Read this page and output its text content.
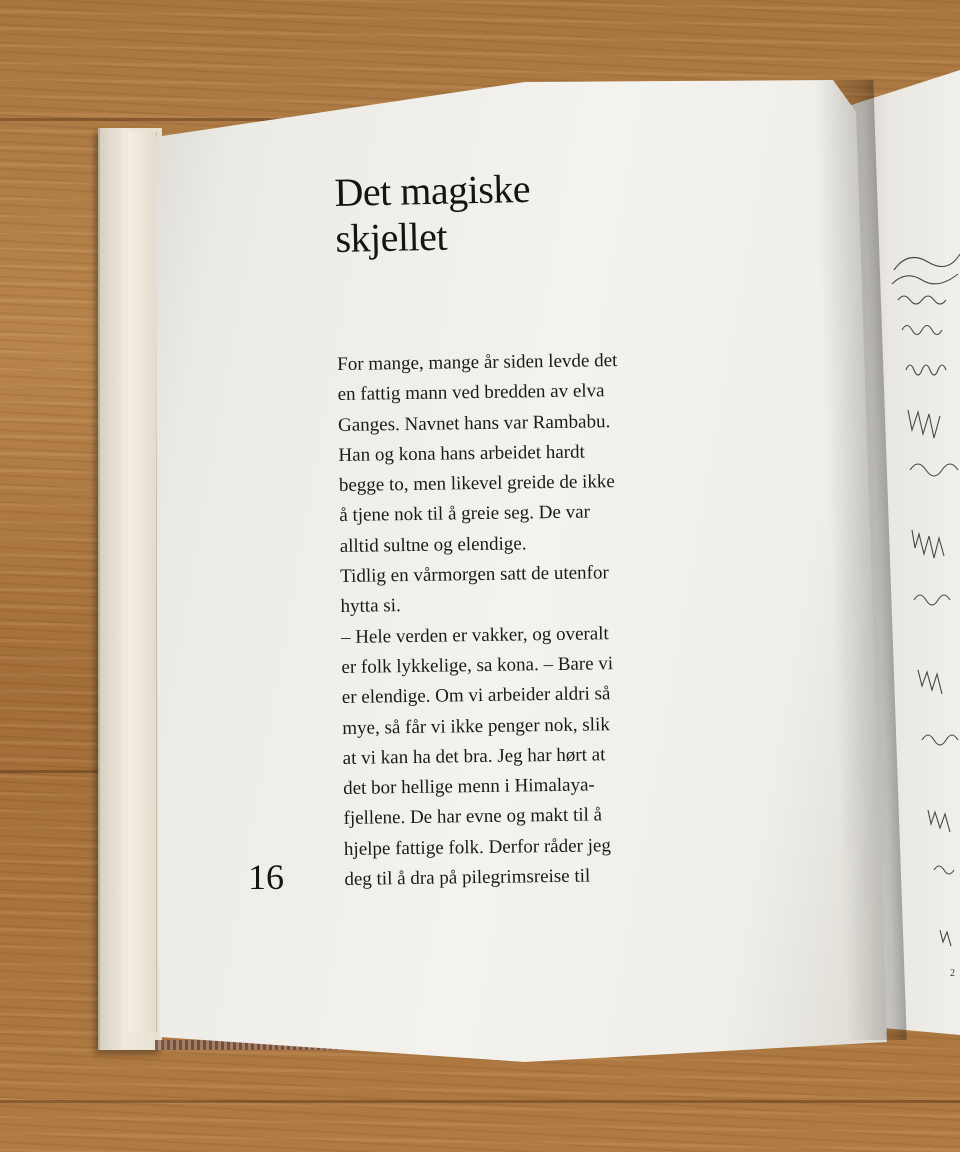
2
Det magiske
skjellet
For mange, mange år siden levde det
en fattig mann ved bredden av elva
Ganges. Navnet hans var Rambabu.
Han og kona hans arbeidet hardt
begge to, men likevel greide de ikke
å tjene nok til å greie seg. De var
alltid sultne og elendige.
Tidlig en vårmorgen satt de utenfor
hytta si.
– Hele verden er vakker, og overalt
er folk lykkelige, sa kona. – Bare vi
er elendige. Om vi arbeider aldri så
mye, så får vi ikke penger nok, slik
at vi kan ha det bra. Jeg har hørt at
det bor hellige menn i Himalaya-
fjellene. De har evne og makt til å
hjelpe fattige folk. Derfor råder jeg
deg til å dra på pilegrimsreise til
16
